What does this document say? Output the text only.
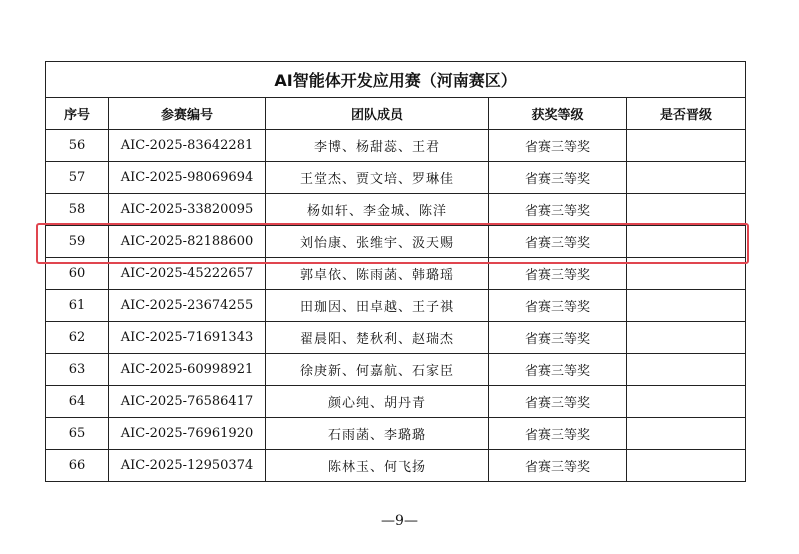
AI智能体开发应用赛（河南赛区）				
序号	参赛编号	团队成员	获奖等级	是否晋级
56	AIC-2025-83642281	李博、杨甜蕊、王君	省赛三等奖	
57	AIC-2025-98069694	王堂杰、贾文培、罗琳佳	省赛三等奖	
58	AIC-2025-33820095	杨如轩、李金城、陈洋	省赛三等奖	
59	AIC-2025-82188600	刘怡康、张维宇、汲天赐	省赛三等奖	
60	AIC-2025-45222657	郭卓依、陈雨菡、韩璐瑶	省赛三等奖	
61	AIC-2025-23674255	田珈因、田卓越、王子祺	省赛三等奖	
62	AIC-2025-71691343	翟晨阳、楚秋利、赵瑞杰	省赛三等奖	
63	AIC-2025-60998921	徐庚新、何嘉航、石家臣	省赛三等奖	
64	AIC-2025-76586417	颜心纯、胡丹青	省赛三等奖	
65	AIC-2025-76961920	石雨菡、李璐璐	省赛三等奖	
66	AIC-2025-12950374	陈林玉、何飞扬	省赛三等奖	
—9—
